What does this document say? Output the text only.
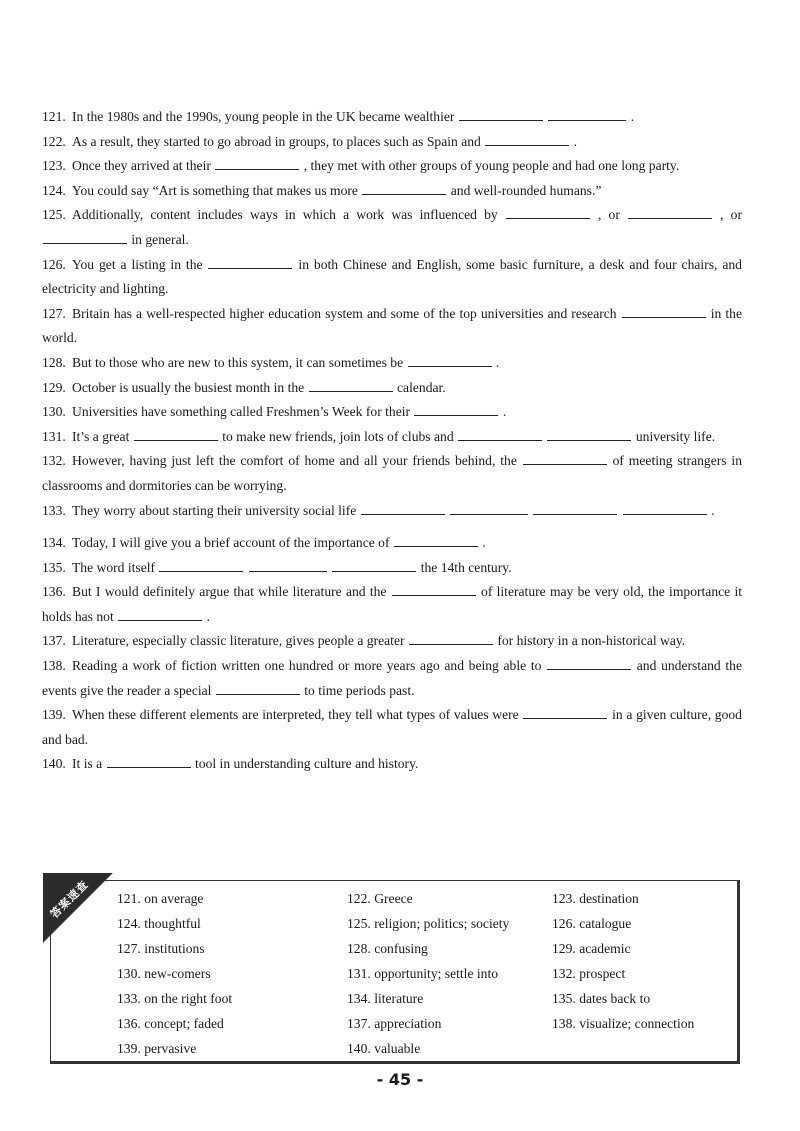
121. In the 1980s and the 1990s, young people in the UK became wealthier	.
122. As a result, they started to go abroad in groups, to places such as Spain and	.
123. Once they arrived at their	, they met with other groups of young people and had one long party.
124. You could say “Art is something that makes us more	and well-rounded humans.”
125. Additionally, content includes ways in which a work was influenced by	, or	, or  in general.
126. You get a listing in the	in both Chinese and English, some basic furniture, a desk and four chairs, and electricity and lighting.
127. Britain has a well-respected higher education system and some of the top universities and research	in the world.
128. But to those who are new to this system, it can sometimes be	.
129. October is usually the busiest month in the	calendar.
130. Universities have something called Freshmen’s Week for their	.
131. It’s a great	to make new friends, join lots of clubs and	university life.
132. However, having just left the comfort of home and all your friends behind, the	of meeting strangers in classrooms and dormitories can be worrying.
133. They worry about starting their university social life	.
134. Today, I will give you a brief account of the importance of	.
135. The word itself	the 14th century.
136. But I would definitely argue that while literature and the	of literature may be very old, the importance it holds has not	.
137. Literature, especially classic literature, gives people a greater	for history in a non-historical way.
138. Reading a work of fiction written one hundred or more years ago and being able to	and understand the events give the reader a special	to time periods past.
139. When these different elements are interpreted, they tell what types of values were	in a given culture, good and bad.
140. It is a	tool in understanding culture and history.
答案速查 121. on average	122. Greece	123. destination
124. thoughtful	125. religion; politics; society	126. catalogue
127. institutions	128. confusing	129. academic
130. new-comers	131. opportunity; settle into	132. prospect
133. on the right foot	134. literature	135. dates back to
136. concept; faded	137. appreciation	138. visualize; connection
139. pervasive	140. valuable
- 45 -
